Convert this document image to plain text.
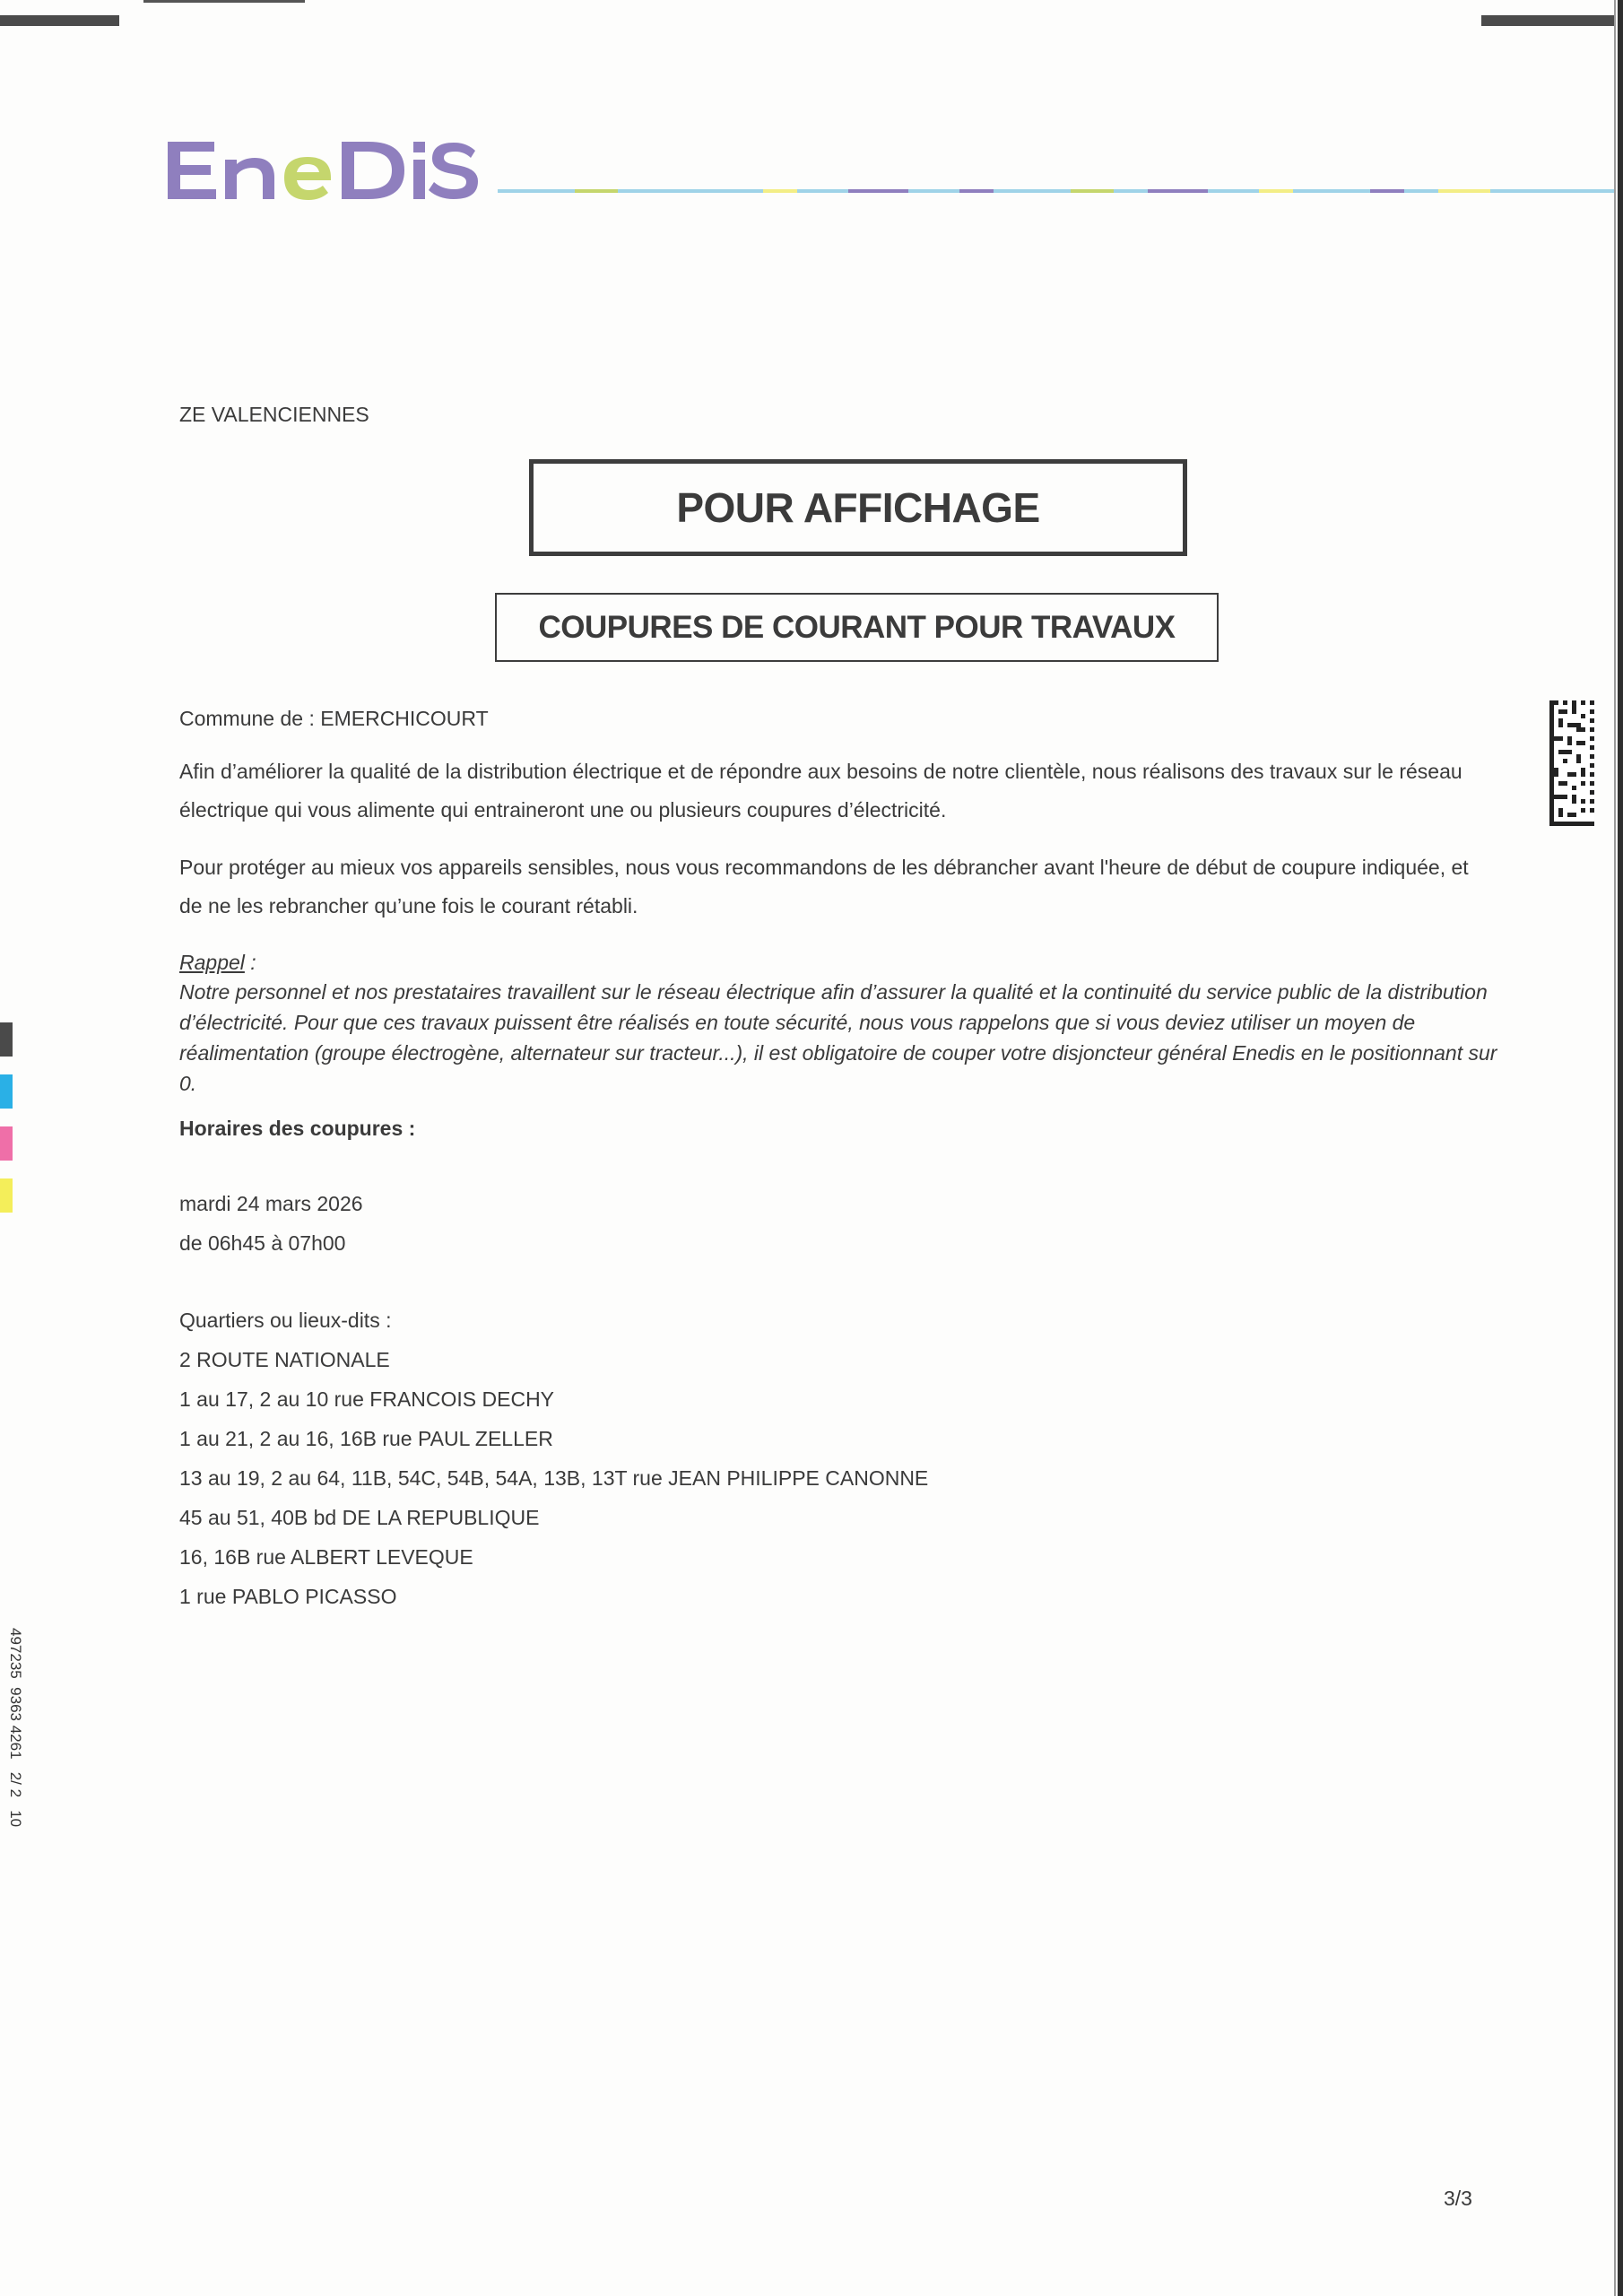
ZE VALENCIENNES
POUR AFFICHAGE
COUPURES DE COURANT POUR TRAVAUX
497235  9363 4261   2/ 2   10
Commune de : EMERCHICOURT
Afin d’améliorer la qualité de la distribution électrique et de répondre aux besoins de notre clientèle, nous réalisons des travaux sur le réseau électrique qui vous alimente qui entraineront une ou plusieurs coupures d’électricité.
Pour protéger au mieux vos appareils sensibles, nous vous recommandons de les débrancher avant l'heure de début de coupure indiquée, et de ne les rebrancher qu’une fois le courant rétabli.
Rappel :
Notre personnel et nos prestataires travaillent sur le réseau électrique afin d’assurer la qualité et la continuité du service public de la distribution d’électricité. Pour que ces travaux puissent être réalisés en toute sécurité, nous vous rappelons que si vous deviez utiliser un moyen de réalimentation (groupe électrogène, alternateur sur tracteur...), il est obligatoire de couper votre disjoncteur général Enedis en le positionnant sur 0.
Horaires des coupures :
mardi 24 mars 2026
de 06h45 à 07h00
Quartiers ou lieux-dits :
2 ROUTE NATIONALE
1 au 17, 2 au 10 rue FRANCOIS DECHY
1 au 21, 2 au 16, 16B rue PAUL ZELLER
13 au 19, 2 au 64, 11B, 54C, 54B, 54A, 13B, 13T rue JEAN PHILIPPE CANONNE
45 au 51, 40B bd DE LA REPUBLIQUE
16, 16B rue ALBERT LEVEQUE
1 rue PABLO PICASSO
3/3
